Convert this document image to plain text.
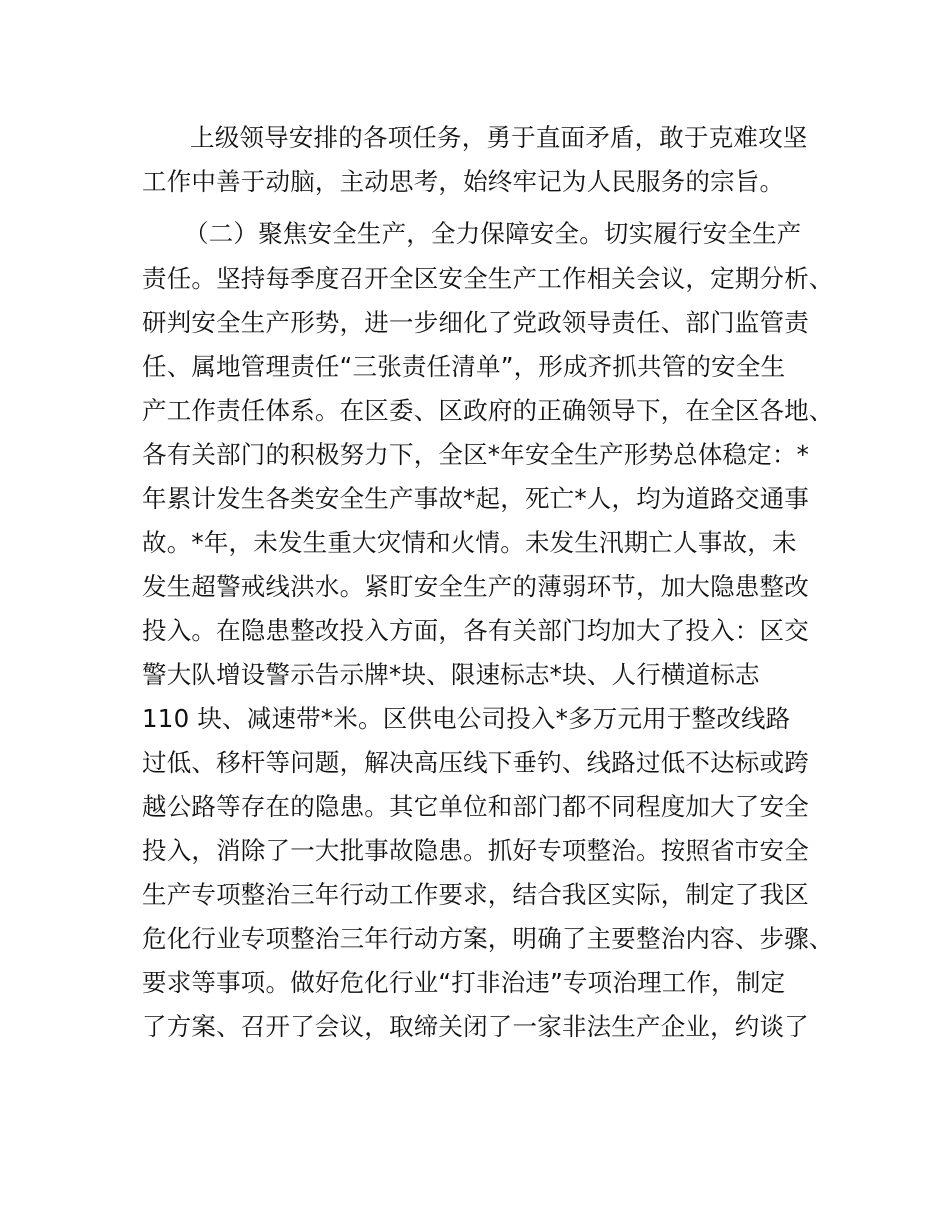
上级领导安排的各项任务，勇于直面矛盾，敢于克难攻坚
工作中善于动脑，主动思考，始终牢记为人民服务的宗旨。
（二）聚焦安全生产，全力保障安全。切实履行安全生产
责任。坚持每季度召开全区安全生产工作相关会议，定期分析、
研判安全生产形势，进一步细化了党政领导责任、部门监管责
任、属地管理责任“三张责任清单”，形成齐抓共管的安全生
产工作责任体系。在区委、区政府的正确领导下，在全区各地、
各有关部门的积极努力下，全区*年安全生产形势总体稳定：*
年累计发生各类安全生产事故*起，死亡*人，均为道路交通事
故。*年，未发生重大灾情和火情。未发生汛期亡人事故，未
发生超警戒线洪水。紧盯安全生产的薄弱环节，加大隐患整改
投入。在隐患整改投入方面，各有关部门均加大了投入：区交
警大队增设警示告示牌*块、限速标志*块、人行横道标志
110 块、减速带*米。区供电公司投入*多万元用于整改线路
过低、移杆等问题，解决高压线下垂钓、线路过低不达标或跨
越公路等存在的隐患。其它单位和部门都不同程度加大了安全
投入，消除了一大批事故隐患。抓好专项整治。按照省市安全
生产专项整治三年行动工作要求，结合我区实际，制定了我区
危化行业专项整治三年行动方案，明确了主要整治内容、步骤、
要求等事项。做好危化行业“打非治违”专项治理工作，制定
了方案、召开了会议，取缔关闭了一家非法生产企业，约谈了
